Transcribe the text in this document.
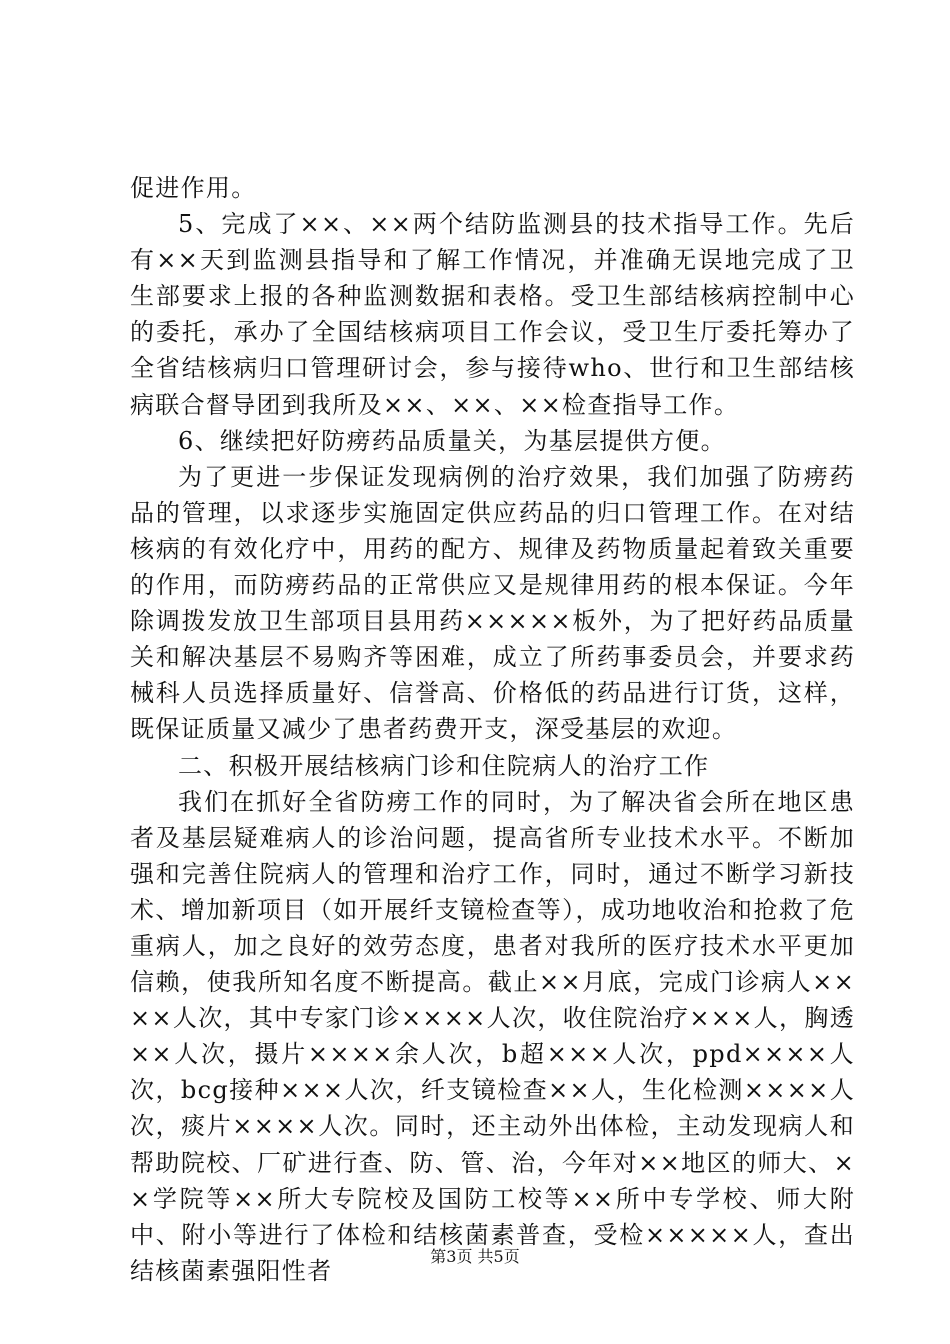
促进作用。

5、完成了××、××两个结防监测县的技术指导工作。先后有××天到监测县指导和了解工作情况，并准确无误地完成了卫生部要求上报的各种监测数据和表格。受卫生部结核病控制中心的委托，承办了全国结核病项目工作会议，受卫生厅委托筹办了全省结核病归口管理研讨会，参与接待who、世行和卫生部结核病联合督导团到我所及××、××、××检查指导工作。

6、继续把好防痨药品质量关，为基层提供方便。

为了更进一步保证发现病例的治疗效果，我们加强了防痨药品的管理，以求逐步实施固定供应药品的归口管理工作。在对结核病的有效化疗中，用药的配方、规律及药物质量起着致关重要的作用，而防痨药品的正常供应又是规律用药的根本保证。今年除调拨发放卫生部项目县用药×××××板外，为了把好药品质量关和解决基层不易购齐等困难，成立了所药事委员会，并要求药械科人员选择质量好、信誉高、价格低的药品进行订货，这样，既保证质量又减少了患者药费开支，深受基层的欢迎。

二、积极开展结核病门诊和住院病人的治疗工作

我们在抓好全省防痨工作的同时，为了解决省会所在地区患者及基层疑难病人的诊治问题，提高省所专业技术水平。不断加强和完善住院病人的管理和治疗工作，同时，通过不断学习新技术、增加新项目（如开展纤支镜检查等），成功地收治和抢救了危重病人，加之良好的效劳态度，患者对我所的医疗技术水平更加信赖，使我所知名度不断提高。截止××月底，完成门诊病人××××人次，其中专家门诊××××人次，收住院治疗×××人，胸透××人次，摄片××××余人次，b超×××人次，ppd××××人次，bcg接种×××人次，纤支镜检查××人，生化检测××××人次，痰片××××人次。同时，还主动外出体检，主动发现病人和帮助院校、厂矿进行查、防、管、治，今年对××地区的师大、××学院等××所大专院校及国防工校等××所中专学校、师大附中、附小等进行了体检和结核菌素普查，受检×××××人，查出结核菌素强阳性者

第3页 共5页
